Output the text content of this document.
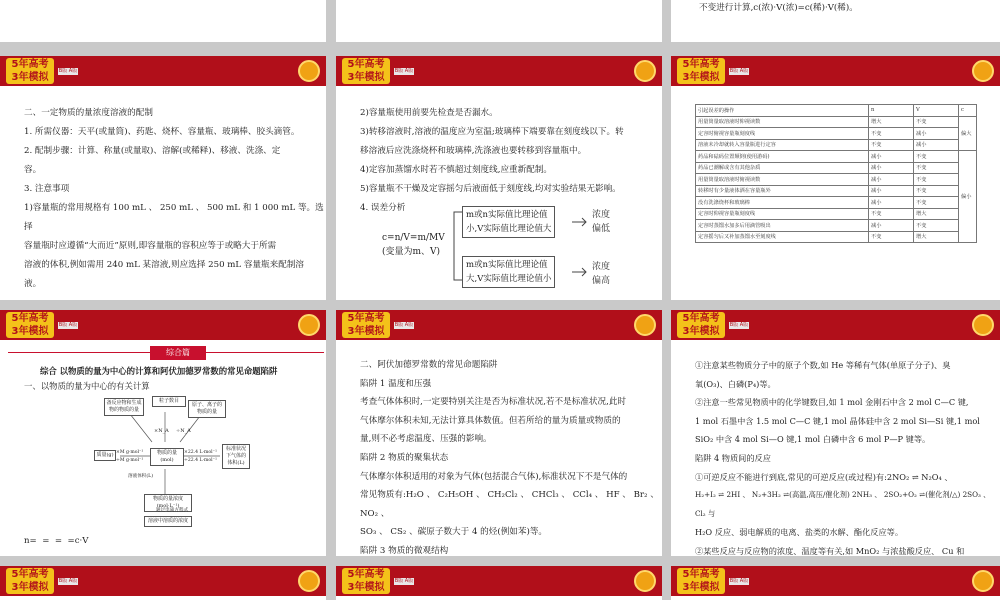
不变进行计算,c(浓)·V(浓)=c(稀)·V(稀)。
5年高考
3年模拟
B版 A版

二、一定物质的量浓度溶液的配制

1. 所需仪器：天平(或量筒)、药匙、烧杯、容量瓶、玻璃棒、胶头滴管。

2. 配制步骤：计算、称量(或量取)、溶解(或稀释)、移液、洗涤、定

容。

3. 注意事项

1)容量瓶的常用规格有 100 mL 、 250 mL 、 500 mL 和 1 000 mL 等。选择

容量瓶时应遵循“大而近”原则,即容量瓶的容积应等于或略大于所需

溶液的体积,例如需用 240 mL 某溶液,则应选择 250 mL 容量瓶来配制溶

液。

5年高考
3年模拟
B版 A版

2)容量瓶使用前要先检查是否漏水。

3)转移溶液时,溶液的温度应为室温;玻璃棒下端要靠在刻度线以下。转

移溶液后应洗涤烧杯和玻璃棒,洗涤液也要转移到容量瓶中。

4)定容加蒸馏水时若不慎超过刻度线,应重新配制。

5)容量瓶不干燥及定容摇匀后液面低于刻度线,均对实验结果无影响。

4. 误差分析

c=n/V=m/MV
(变量为m、V)
m或n实际值比理论值
小,V实际值比理论值大
m或n实际值比理论值
大,V实际值比理论值小
浓度
偏低
浓度
偏高
5年高考
3年模拟
B版 A版
引起误差的操作	n	V	c
用量筒量取溶液时仰视读数	增大	不变	偏大
定容时俯视容量瓶刻度线	不变	减小	
溶液未冷却就转入容量瓶进行定容	不变	减小	
药品和砝码位置颠倒(使用游码)	减小	不变	偏小
药品已潮解或含有其他杂质	减小	不变	
用量筒量取溶液时俯视读数	减小	不变	
转移时有少量液体洒在容量瓶外	减小	不变	
没有洗涤烧杯和玻璃棒	减小	不变	
定容时仰视容量瓶刻度线	不变	增大	
定容时蒸馏水加多后用滴管吸出	减小	不变	
定容摇匀后又补加蒸馏水至刻度线	不变	增大	
5年高考
3年模拟
B版 A版
综合篇
综合 以物质的量为中心的计算和阿伏加德罗常数的常见命题陷阱
一、以物质的量为中心的有关计算
粒子数目
原子、离子的物质的量
备反应物和生成物的物质的量
质量(g)	物质的量(mol)
标准状况下气体的体积(L)
物质的量浓度(mol·L⁻¹)
溶液中溶质的浓度
×N_A ÷N_A
×M g·mol⁻¹
÷M g·mol⁻¹
×22.4 L·mol⁻¹
÷22.4 L·mol⁻¹
溶液体积(L)
通过电离方程式
n=  =  =  =c·V
5年高考
3年模拟
B版 A版

二、阿伏加德罗常数的常见命题陷阱

陷阱 1 温度和压强

考查气体体积时,一定要特别关注是否为标准状况,若不是标准状况,此时

气体摩尔体积未知,无法计算具体数值。但若所给的量为质量或物质的

量,则不必考虑温度、压强的影响。

陷阱 2 物质的聚集状态

气体摩尔体积适用的对象为气体(包括混合气体),标准状况下不是气体的

常见物质有:H₂O 、 C₂H₅OH 、 CH₂Cl₂ 、 CHCl₃ 、 CCl₄ 、 HF 、 Br₂ 、

NO₂ 、

SO₃ 、 CS₂ 、碳原子数大于 4 的烃(例如苯)等。

陷阱 3 物质的微观结构

5年高考
3年模拟
B版 A版

①注意某些物质分子中的原子个数,如 He 等稀有气体(单原子分子)、臭

氧(O₃)、白磷(P₄)等。

②注意一些常见物质中的化学键数目,如 1 mol 金刚石中含 2 mol C—C 键,

1 mol 石墨中含 1.5 mol C—C 键,1 mol 晶体硅中含 2 mol Si—Si 键,1 mol

SiO₂ 中含 4 mol Si—O 键,1 mol 白磷中含 6 mol P—P 键等。

陷阱 4 物质间的反应

①可逆反应不能进行到底,常见的可逆反应(或过程)有:2NO₂ ⇌ N₂O₄ 、

H₂+I₂ ⇌ 2HI 、 N₂+3H₂ ⇌(高温,高压/催化剂) 2NH₃ 、 2SO₂+O₂ ⇌(催化剂/△) 2SO₃ 、 Cl₂ 与

H₂O 反应、弱电解质的电离、盐类的水解、酯化反应等。

②某些反应与反应物的浓度、温度等有关,如 MnO₂ 与浓盐酸反应、 Cu 和

5年高考
3年模拟
B版 A版
5年高考
3年模拟
B版 A版
5年高考
3年模拟
B版 A版
